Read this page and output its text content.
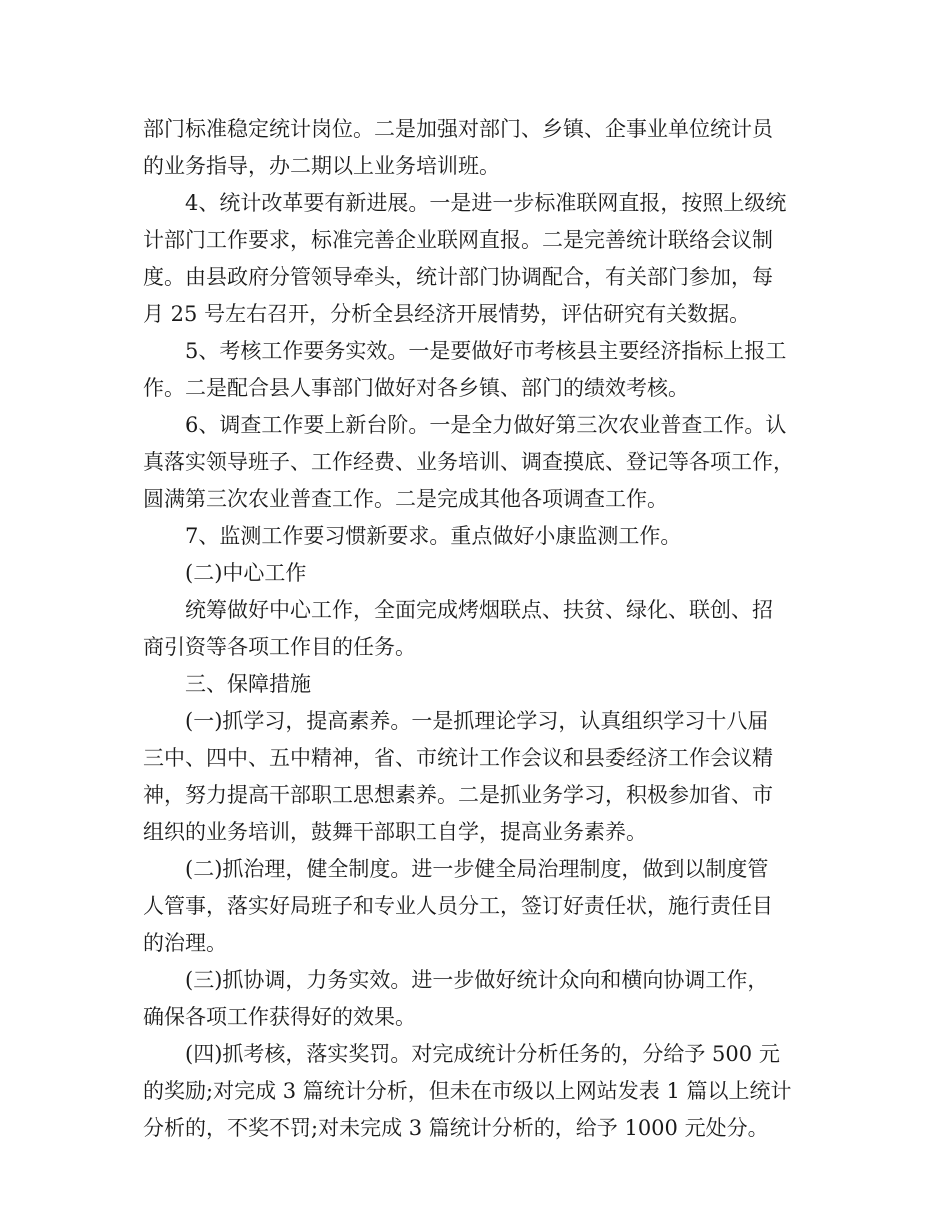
部门标准稳定统计岗位。二是加强对部门、乡镇、企事业单位统计员
的业务指导，办二期以上业务培训班。
4、统计改革要有新进展。一是进一步标准联网直报，按照上级统
计部门工作要求，标准完善企业联网直报。二是完善统计联络会议制
度。由县政府分管领导牵头，统计部门协调配合，有关部门参加，每
月 25 号左右召开，分析全县经济开展情势，评估研究有关数据。
5、考核工作要务实效。一是要做好市考核县主要经济指标上报工
作。二是配合县人事部门做好对各乡镇、部门的绩效考核。
6、调查工作要上新台阶。一是全力做好第三次农业普查工作。认
真落实领导班子、工作经费、业务培训、调查摸底、登记等各项工作，
圆满第三次农业普查工作。二是完成其他各项调查工作。
7、监测工作要习惯新要求。重点做好小康监测工作。
(二)中心工作
统筹做好中心工作，全面完成烤烟联点、扶贫、绿化、联创、招
商引资等各项工作目的任务。
三、保障措施
(一)抓学习，提高素养。一是抓理论学习，认真组织学习十八届
三中、四中、五中精神，省、市统计工作会议和县委经济工作会议精
神，努力提高干部职工思想素养。二是抓业务学习，积极参加省、市
组织的业务培训，鼓舞干部职工自学，提高业务素养。
(二)抓治理，健全制度。进一步健全局治理制度，做到以制度管
人管事，落实好局班子和专业人员分工，签订好责任状，施行责任目
的治理。
(三)抓协调，力务实效。进一步做好统计众向和横向协调工作，
确保各项工作获得好的效果。
(四)抓考核，落实奖罚。对完成统计分析任务的，分给予 500 元
的奖励;对完成 3 篇统计分析，但未在市级以上网站发表 1 篇以上统计
分析的，不奖不罚;对未完成 3 篇统计分析的，给予 1000 元处分。
